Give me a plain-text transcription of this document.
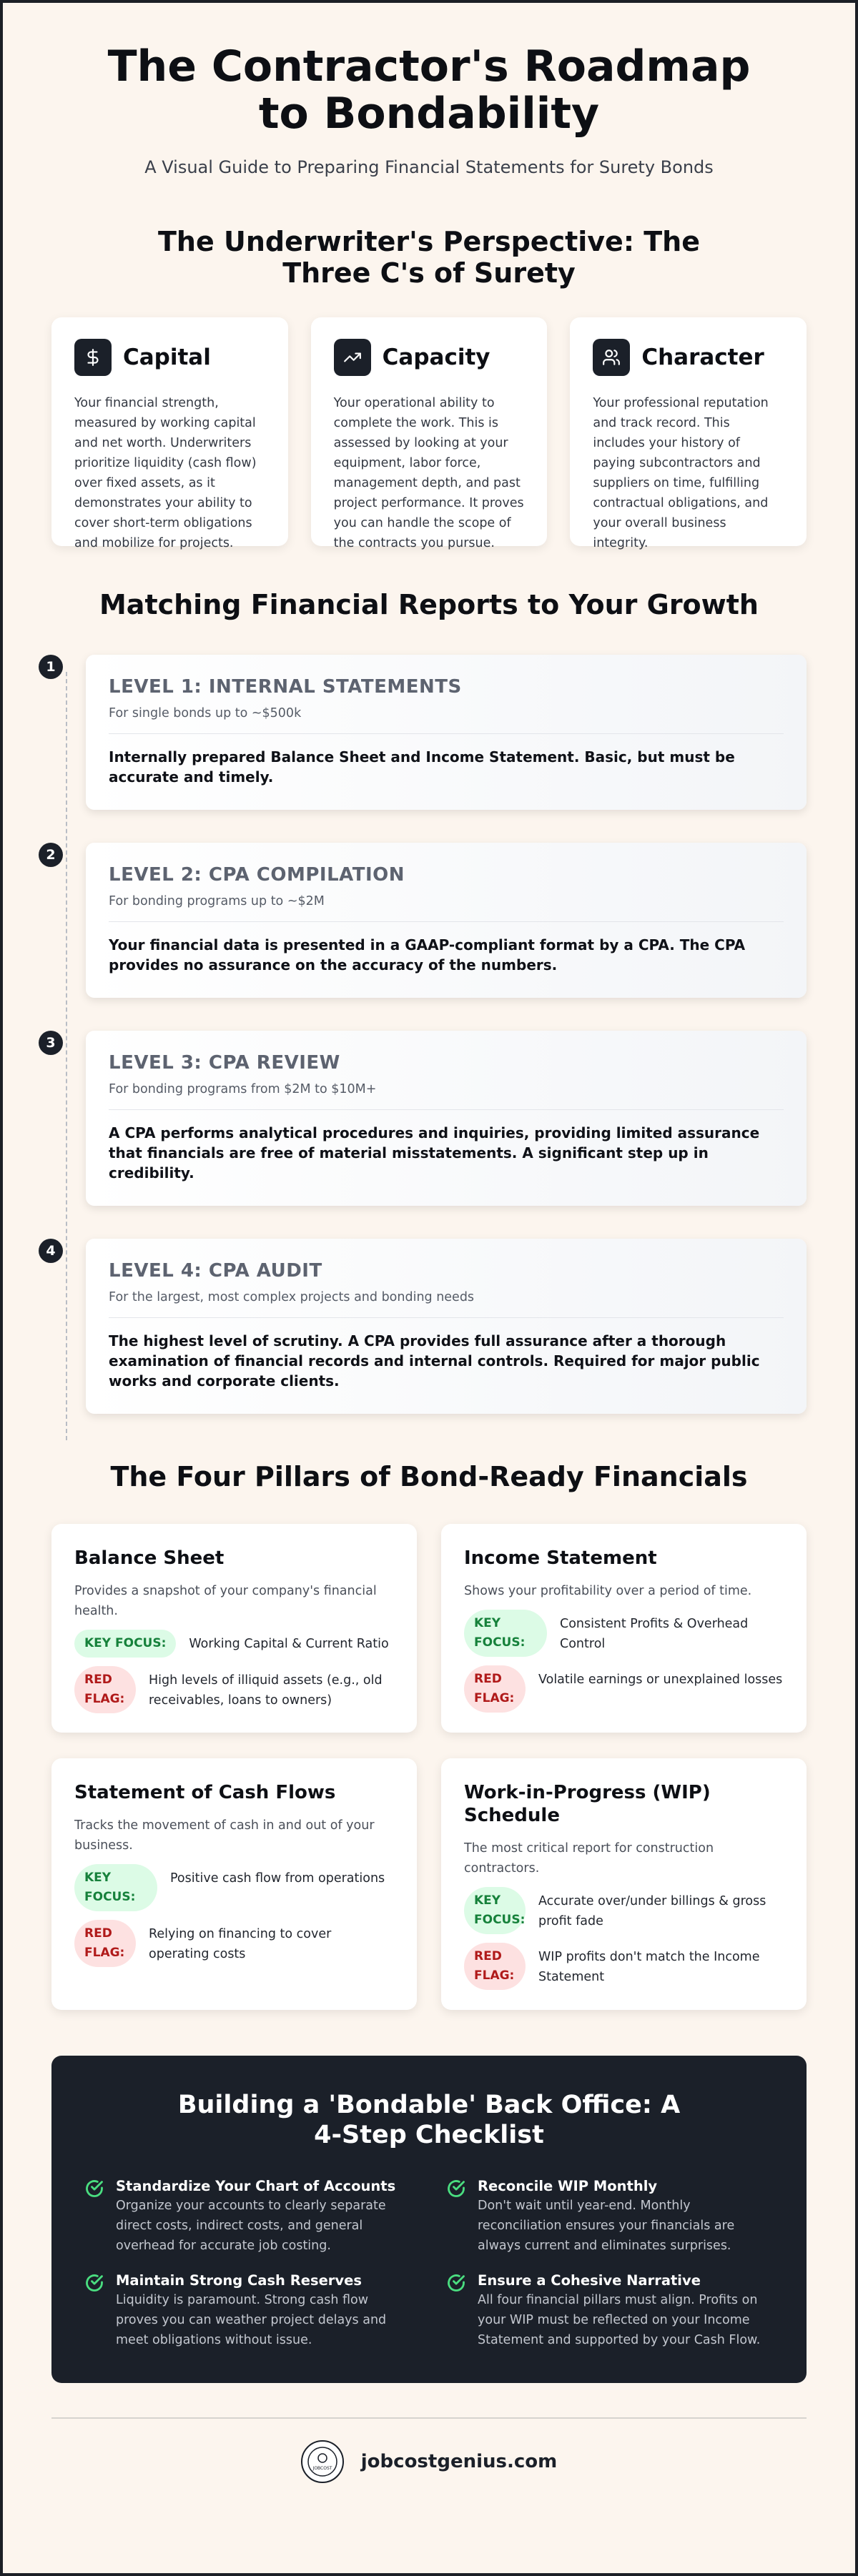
The Contractor's Roadmap to Bondability
A Visual Guide to Preparing Financial Statements for Surety Bonds
The Underwriter's Perspective: The Three C's of Surety
Capital

Your financial strength, measured by working capital and net worth. Underwriters prioritize liquidity (cash flow) over fixed assets, as it demonstrates your ability to cover short-term obligations and mobilize for projects.

Capacity

Your operational ability to complete the work. This is assessed by looking at your equipment, labor force, management depth, and past project performance. It proves you can handle the scope of the contracts you pursue.

Character

Your professional reputation and track record. This includes your history of paying subcontractors and suppliers on time, fulfilling contractual obligations, and your overall business integrity.

Matching Financial Reports to Your Growth
1
LEVEL 1: INTERNAL STATEMENTS
For single bonds up to ~$500k
Internally prepared Balance Sheet and Income Statement. Basic, but must be accurate and timely.
2
LEVEL 2: CPA COMPILATION
For bonding programs up to ~$2M
Your financial data is presented in a GAAP-compliant format by a CPA. The CPA provides no assurance on the accuracy of the numbers.
3
LEVEL 3: CPA REVIEW
For bonding programs from $2M to $10M+
A CPA performs analytical procedures and inquiries, providing limited assurance that financials are free of material misstatements. A significant step up in credibility.
4
LEVEL 4: CPA AUDIT
For the largest, most complex projects and bonding needs
The highest level of scrutiny. A CPA provides full assurance after a thorough examination of financial records and internal controls. Required for major public works and corporate clients.
The Four Pillars of Bond-Ready Financials
Balance Sheet
Provides a snapshot of your company's financial health.
KEY FOCUS:	Working Capital & Current Ratio
RED FLAG:
High levels of illiquid assets (e.g., old receivables, loans to owners)
Income Statement
Shows your profitability over a period of time.
KEY FOCUS:
Consistent Profits & Overhead Control
RED FLAG:
Volatile earnings or unexplained losses
Statement of Cash Flows
Tracks the movement of cash in and out of your business.
KEY FOCUS:
Positive cash flow from operations
RED FLAG:
Relying on financing to cover operating costs
Work-in-Progress (WIP) Schedule
The most critical report for construction contractors.
KEY FOCUS:
Accurate over/under billings & gross profit fade
RED FLAG:
WIP profits don't match the Income Statement
Building a 'Bondable' Back Office: A 4-Step Checklist
Standardize Your Chart of Accounts
Organize your accounts to clearly separate direct costs, indirect costs, and general overhead for accurate job costing.
Reconcile WIP Monthly
Don't wait until year-end. Monthly reconciliation ensures your financials are always current and eliminates surprises.
Maintain Strong Cash Reserves
Liquidity is paramount. Strong cash flow proves you can weather project delays and meet obligations without issue.
Ensure a Cohesive Narrative
All four financial pillars must align. Profits on your WIP must be reflected on your Income Statement and supported by your Cash Flow.
JOBCOST jobcostgenius.com
